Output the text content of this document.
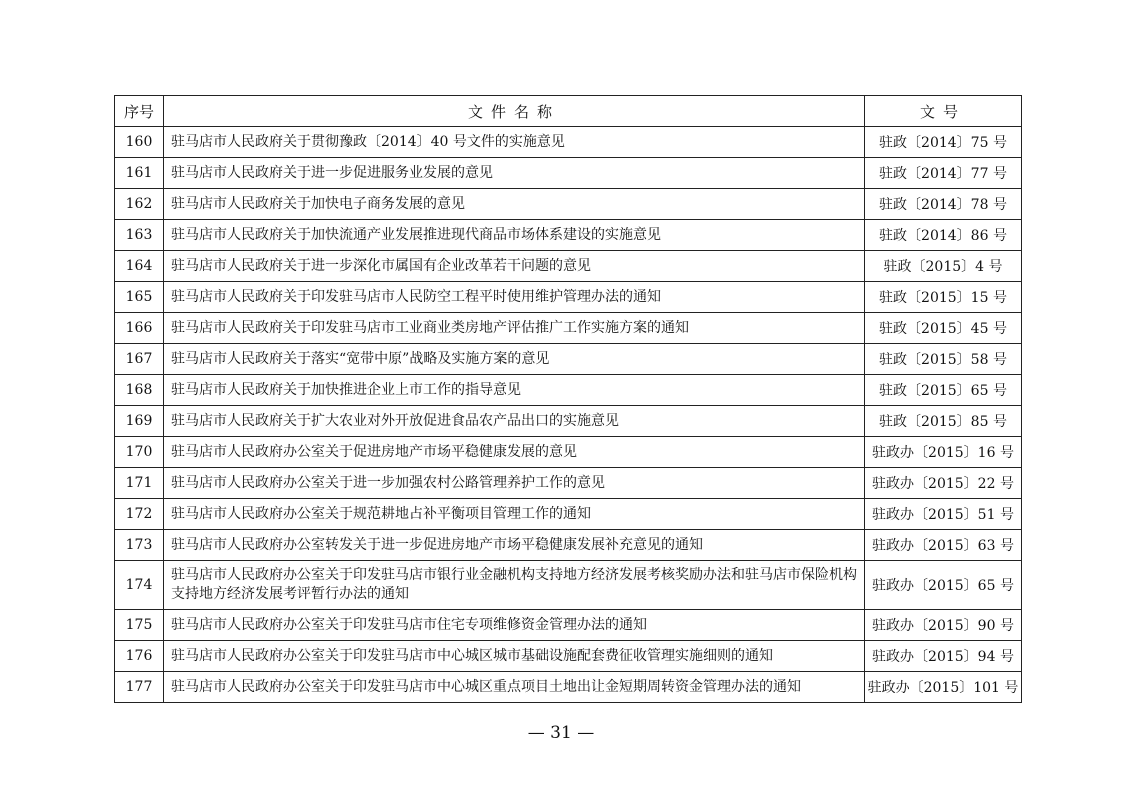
序号	文件名称	文号
160	驻马店市人民政府关于贯彻豫政〔2014〕40 号文件的实施意见	驻政〔2014〕75 号
161	驻马店市人民政府关于进一步促进服务业发展的意见	驻政〔2014〕77 号
162	驻马店市人民政府关于加快电子商务发展的意见	驻政〔2014〕78 号
163	驻马店市人民政府关于加快流通产业发展推进现代商品市场体系建设的实施意见	驻政〔2014〕86 号
164	驻马店市人民政府关于进一步深化市属国有企业改革若干问题的意见	驻政〔2015〕4 号
165	驻马店市人民政府关于印发驻马店市人民防空工程平时使用维护管理办法的通知	驻政〔2015〕15 号
166	驻马店市人民政府关于印发驻马店市工业商业类房地产评估推广工作实施方案的通知	驻政〔2015〕45 号
167	驻马店市人民政府关于落实“宽带中原”战略及实施方案的意见	驻政〔2015〕58 号
168	驻马店市人民政府关于加快推进企业上市工作的指导意见	驻政〔2015〕65 号
169	驻马店市人民政府关于扩大农业对外开放促进食品农产品出口的实施意见	驻政〔2015〕85 号
170	驻马店市人民政府办公室关于促进房地产市场平稳健康发展的意见	驻政办〔2015〕16 号
171	驻马店市人民政府办公室关于进一步加强农村公路管理养护工作的意见	驻政办〔2015〕22 号
172	驻马店市人民政府办公室关于规范耕地占补平衡项目管理工作的通知	驻政办〔2015〕51 号
173	驻马店市人民政府办公室转发关于进一步促进房地产市场平稳健康发展补充意见的通知	驻政办〔2015〕63 号
174	驻马店市人民政府办公室关于印发驻马店市银行业金融机构支持地方经济发展考核奖励办法和驻马店市保险机构支持地方经济发展考评暂行办法的通知	驻政办〔2015〕65 号
175	驻马店市人民政府办公室关于印发驻马店市住宅专项维修资金管理办法的通知	驻政办〔2015〕90 号
176	驻马店市人民政府办公室关于印发驻马店市中心城区城市基础设施配套费征收管理实施细则的通知	驻政办〔2015〕94 号
177	驻马店市人民政府办公室关于印发驻马店市中心城区重点项目土地出让金短期周转资金管理办法的通知	驻政办〔2015〕101 号
— 31 —
